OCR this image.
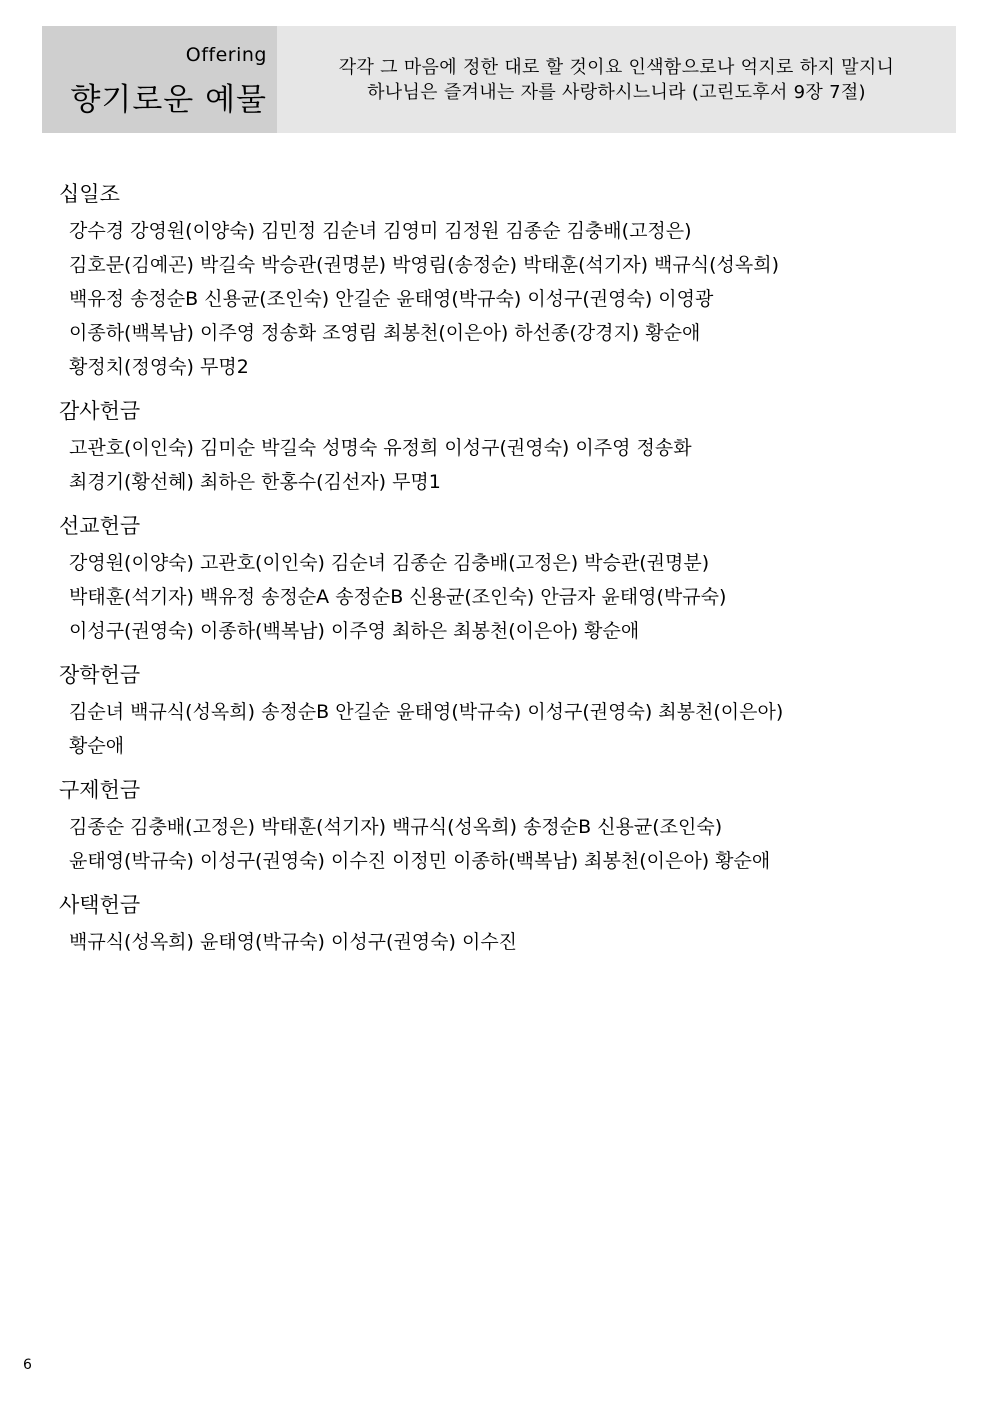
Offering
향기로운 예물
각각 그 마음에 정한 대로 할 것이요 인색함으로나 억지로 하지 말지니
하나님은 즐겨내는 자를 사랑하시느니라 (고린도후서 9장 7절)
십일조
강수경 강영원(이양숙) 김민정 김순녀 김영미 김정원 김종순 김충배(고정은)
김호문(김예곤) 박길숙 박승관(권명분) 박영림(송정순) 박태훈(석기자) 백규식(성옥희)
백유정 송정순B 신용균(조인숙) 안길순 윤태영(박규숙) 이성구(권영숙) 이영광
이종하(백복남) 이주영 정송화 조영림 최봉천(이은아) 하선종(강경지) 황순애
황정치(정영숙) 무명2
감사헌금
고관호(이인숙) 김미순 박길숙 성명숙 유정희 이성구(권영숙) 이주영 정송화
최경기(황선혜) 최하은 한홍수(김선자) 무명1
선교헌금
강영원(이양숙) 고관호(이인숙) 김순녀 김종순 김충배(고정은) 박승관(권명분)
박태훈(석기자) 백유정 송정순A 송정순B 신용균(조인숙) 안금자 윤태영(박규숙)
이성구(권영숙) 이종하(백복남) 이주영 최하은 최봉천(이은아) 황순애
장학헌금
김순녀 백규식(성옥희) 송정순B 안길순 윤태영(박규숙) 이성구(권영숙) 최봉천(이은아)
황순애
구제헌금
김종순 김충배(고정은) 박태훈(석기자) 백규식(성옥희) 송정순B 신용균(조인숙)
윤태영(박규숙) 이성구(권영숙) 이수진 이정민 이종하(백복남) 최봉천(이은아) 황순애
사택헌금
백규식(성옥희) 윤태영(박규숙) 이성구(권영숙) 이수진
6
